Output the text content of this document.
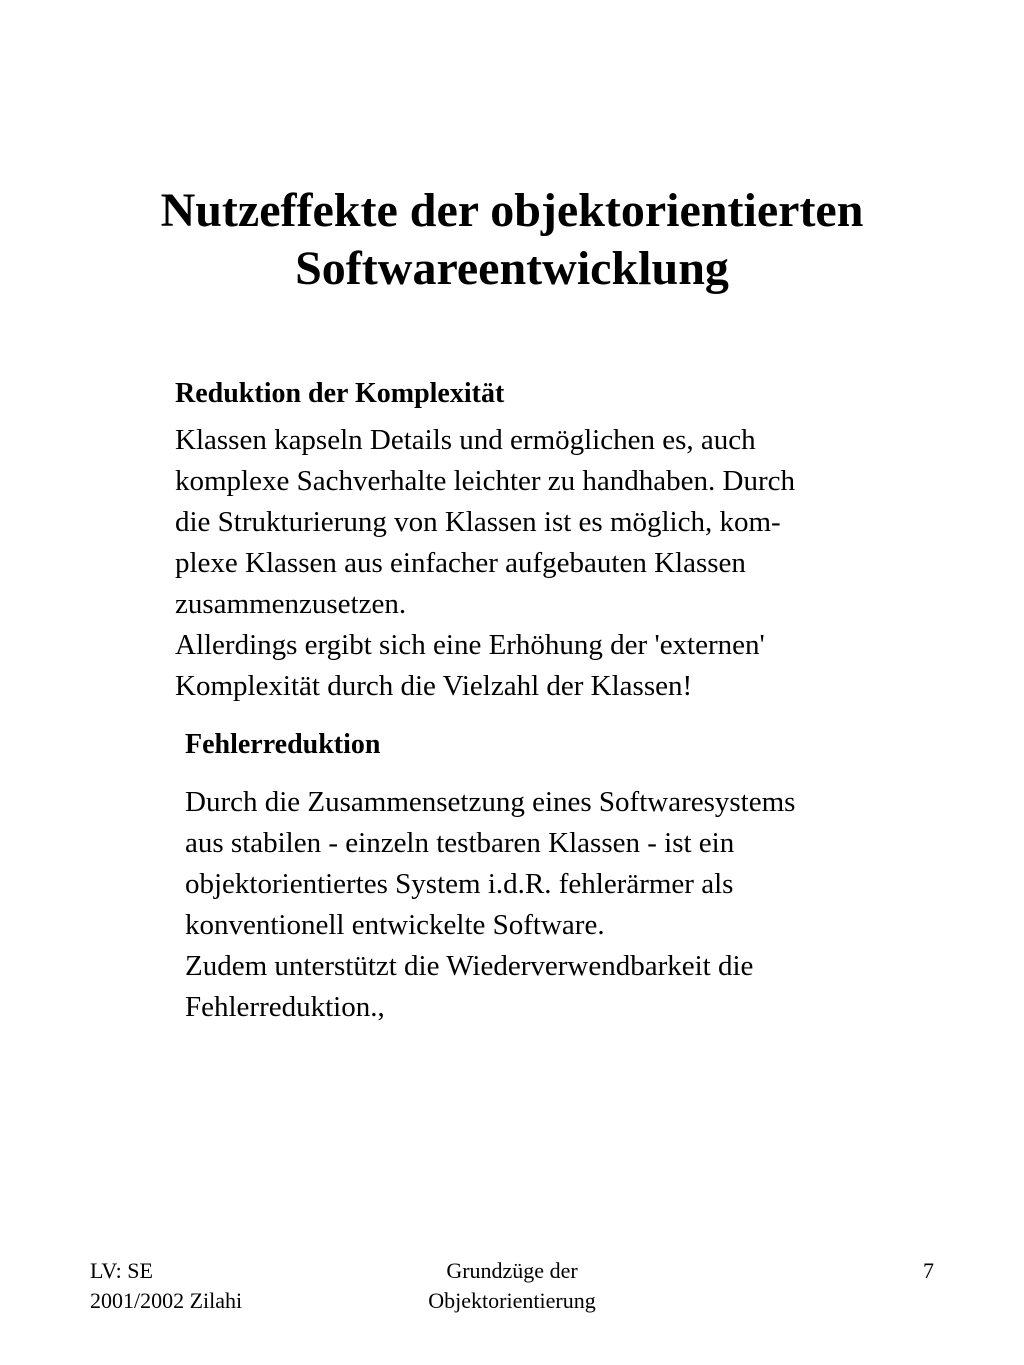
Nutzeffekte der objektorientierten
Softwareentwicklung
Reduktion der Komplexität
Klassen kapseln Details und ermöglichen es, auch
komplexe Sachverhalte leichter zu handhaben. Durch
die Strukturierung von Klassen ist es möglich, kom-
plexe Klassen aus einfacher aufgebauten Klassen
zusammenzusetzen.
Allerdings ergibt sich eine Erhöhung der 'externen'
Komplexität durch die Vielzahl der Klassen!
Fehlerreduktion
Durch die Zusammensetzung eines Softwaresystems
aus stabilen - einzeln testbaren Klassen - ist ein
objektorientiertes System i.d.R. fehlerärmer als
konventionell entwickelte Software.
Zudem unterstützt die Wiederverwendbarkeit die
Fehlerreduktion.,
LV: SE
2001/2002 Zilahi
Grundzüge der
Objektorientierung
7
